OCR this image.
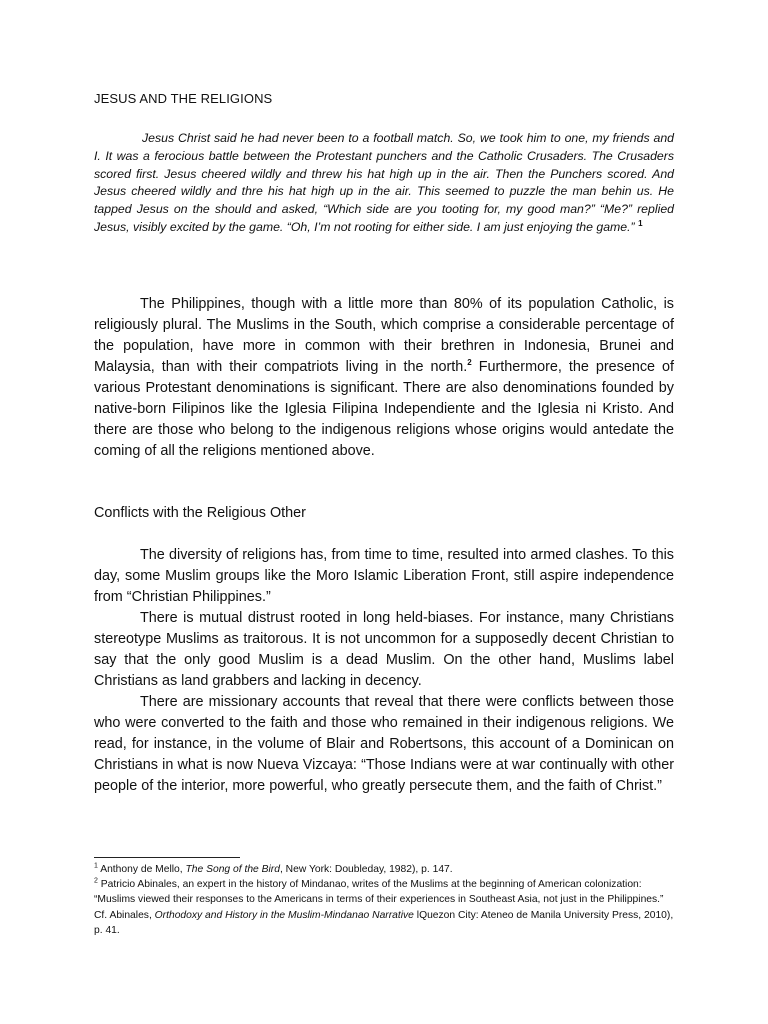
JESUS AND THE RELIGIONS

Jesus Christ said he had never been to a football match. So, we took him to one, my friends and I. It was a ferocious battle between the Protestant punchers and the Catholic Crusaders. The Crusaders scored first. Jesus cheered wildly and threw his hat high up in the air. Then the Punchers scored. And Jesus cheered wildly and thre his hat high up in the air. This seemed to puzzle the man behin us. He tapped Jesus on the should and asked, “Which side are you tooting for, my good man?” “Me?” replied Jesus, visibly excited by the game. “Oh, I’m not rooting for either side. I am just enjoying the game.” $^1$

The Philippines, though with a little more than 80% of its population Catholic, is religiously plural. The Muslims in the South, which comprise a considerable percentage of the population, have more in common with their brethren in Indonesia, Brunei and Malaysia, than with their compatriots living in the north.$^2$ Furthermore, the presence of various Protestant denominations is significant. There are also denominations founded by native-born Filipinos like the Iglesia Filipina Independiente and the Iglesia ni Kristo. And there are those who belong to the indigenous religions whose origins would antedate the coming of all the religions mentioned above.

Conflicts with the Religious Other

The diversity of religions has, from time to time, resulted into armed clashes. To this day, some Muslim groups like the Moro Islamic Liberation Front, still aspire independence from “Christian Philippines.”

There is mutual distrust rooted in long held-biases. For instance, many Christians stereotype Muslims as traitorous. It is not uncommon for a supposedly decent Christian to say that the only good Muslim is a dead Muslim. On the other hand, Muslims label Christians as land grabbers and lacking in decency.

There are missionary accounts that reveal that there were conflicts between those who were converted to the faith and those who remained in their indigenous religions. We read, for instance, in the volume of Blair and Robertsons, this account of a Dominican on Christians in what is now Nueva Vizcaya: “Those Indians were at war continually with other people of the interior, more powerful, who greatly persecute them, and the faith of Christ.”

$^1$ Anthony de Mello, The Song of the Bird, New York: Doubleday, 1982), p. 147.

$^2$ Patricio Abinales, an expert in the history of Mindanao, writes of the Muslims at the beginning of American colonization: “Muslims viewed their responses to the Americans in terms of their experiences in Southeast Asia, not just in the Philippines.” Cf. Abinales, Orthodoxy and History in the Muslim-Mindanao Narrative lQuezon City: Ateneo de Manila University Press, 2010), p. 41.
